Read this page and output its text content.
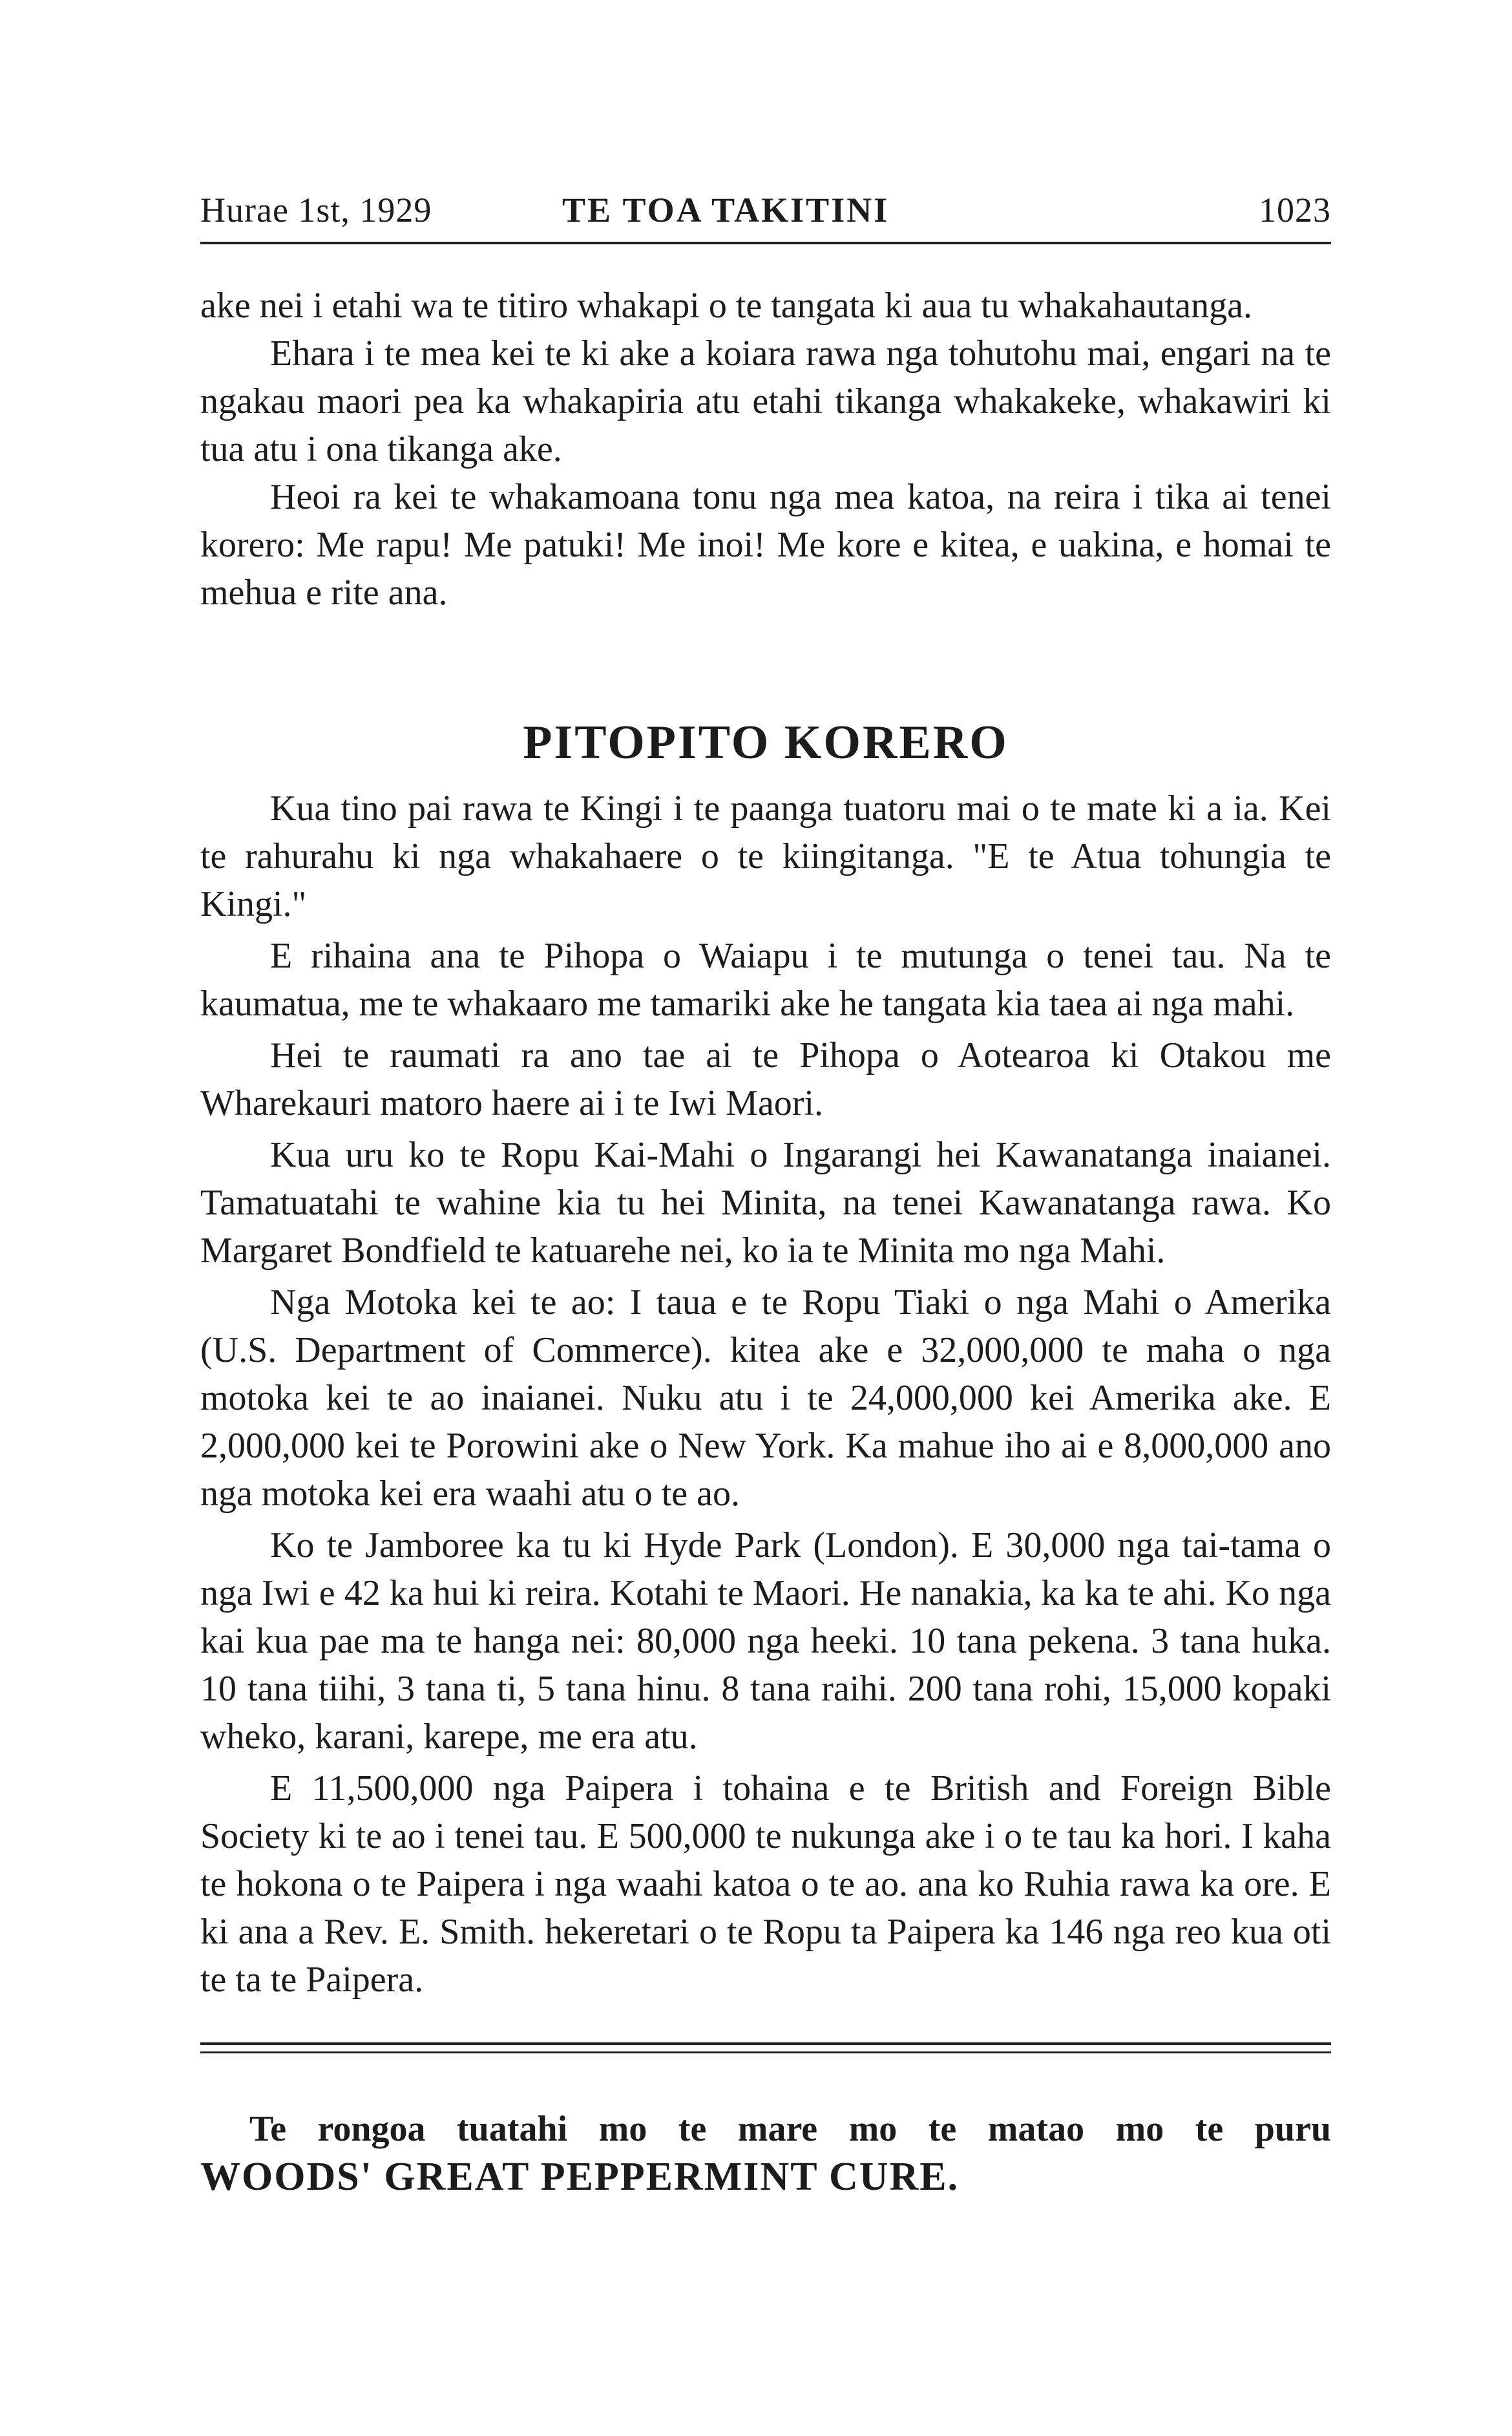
Hurae 1st, 1929	TE TOA TAKITINI	1023

ake nei i etahi wa te titiro whakapi o te tangata ki aua tu whakahautanga.

Ehara i te mea kei te ki ake a koiara rawa nga tohutohu mai, engari na te ngakau maori pea ka whakapiria atu etahi tikanga whakakeke, whakawiri ki tua atu i ona tikanga ake.

Heoi ra kei te whakamoana tonu nga mea katoa, na reira i tika ai tenei korero: Me rapu! Me patuki! Me inoi! Me kore e kitea, e uakina, e homai te mehua e rite ana.

PITOPITO KORERO

Kua tino pai rawa te Kingi i te paanga tuatoru mai o te mate ki a ia. Kei te rahurahu ki nga whakahaere o te kiingitanga. "E te Atua tohungia te Kingi."

E rihaina ana te Pihopa o Waiapu i te mutunga o tenei tau. Na te kaumatua, me te whakaaro me tamariki ake he tangata kia taea ai nga mahi.

Hei te raumati ra ano tae ai te Pihopa o Aotearoa ki Otakou me Wharekauri matoro haere ai i te Iwi Maori.

Kua uru ko te Ropu Kai-Mahi o Ingarangi hei Kawanatanga inaianei. Tamatuatahi te wahine kia tu hei Minita, na tenei Kawanatanga rawa. Ko Margaret Bondfield te katuarehe nei, ko ia te Minita mo nga Mahi.

Nga Motoka kei te ao: I taua e te Ropu Tiaki o nga Mahi o Amerika (U.S. Department of Commerce). kitea ake e 32,000,000 te maha o nga motoka kei te ao inaianei. Nuku atu i te 24,000,000 kei Amerika ake. E 2,000,000 kei te Porowini ake o New York. Ka mahue iho ai e 8,000,000 ano nga motoka kei era waahi atu o te ao.

Ko te Jamboree ka tu ki Hyde Park (London). E 30,000 nga tai-tama o nga Iwi e 42 ka hui ki reira. Kotahi te Maori. He nanakia, ka ka te ahi. Ko nga kai kua pae ma te hanga nei: 80,000 nga heeki. 10 tana pekena. 3 tana huka. 10 tana tiihi, 3 tana ti, 5 tana hinu. 8 tana raihi. 200 tana rohi, 15,000 kopaki wheko, karani, karepe, me era atu.

E 11,500,000 nga Paipera i tohaina e te British and Foreign Bible Society ki te ao i tenei tau. E 500,000 te nukunga ake i o te tau ka hori. I kaha te hokona o te Paipera i nga waahi katoa o te ao. ana ko Ruhia rawa ka ore. E ki ana a Rev. E. Smith. hekeretari o te Ropu ta Paipera ka 146 nga reo kua oti te ta te Paipera.

Te rongoa tuatahi mo te mare mo te matao mo te puru
WOODS' GREAT PEPPERMINT CURE.
